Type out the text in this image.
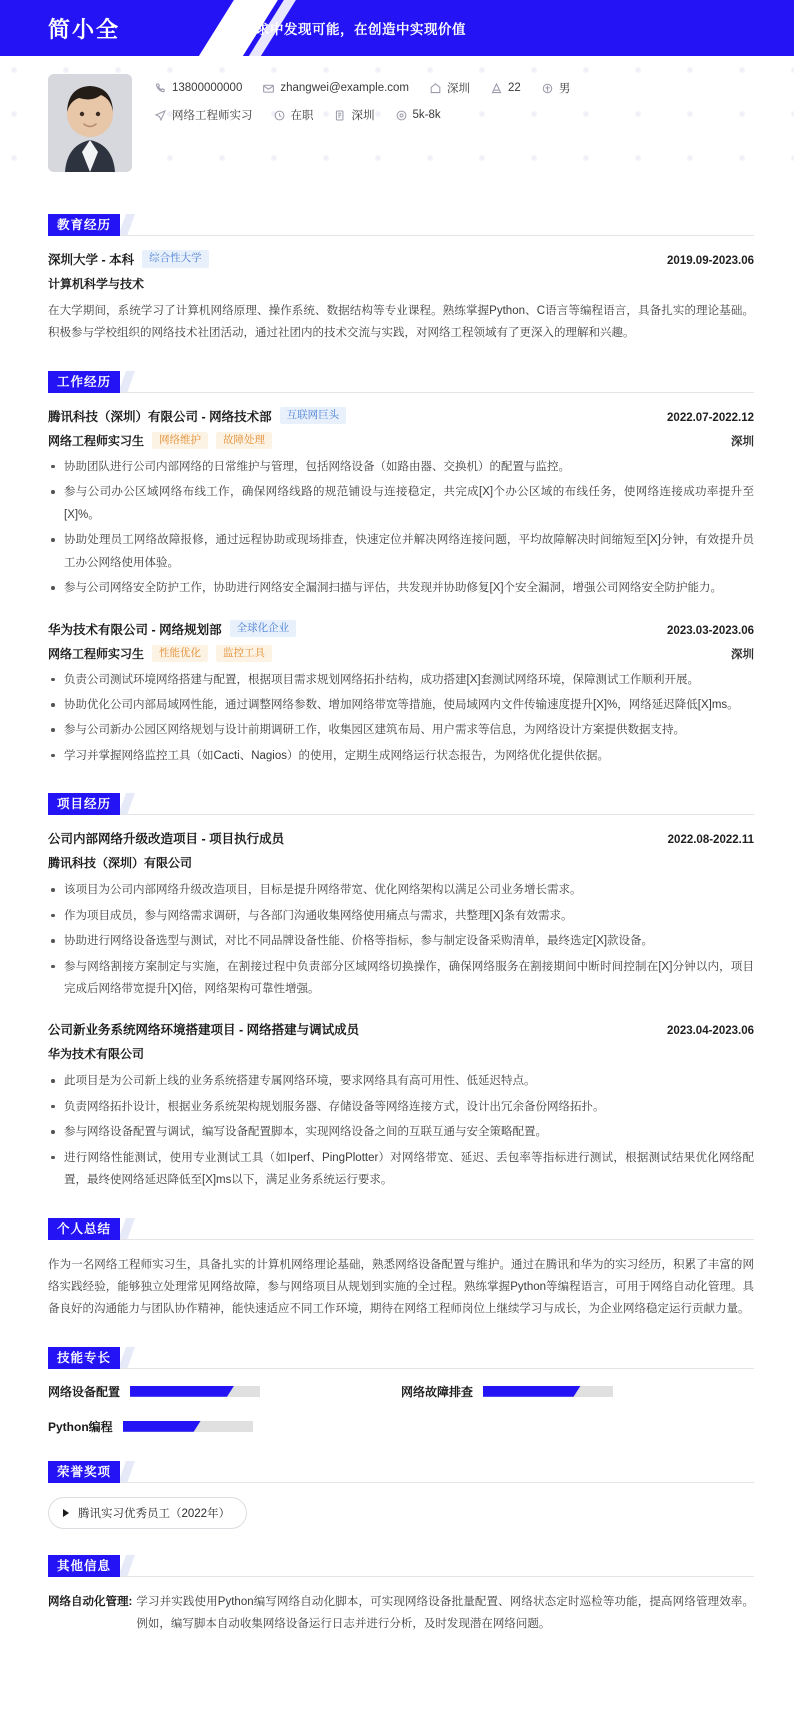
简小全	在追求中发现可能，在创造中实现价值
13800000000	zhangwei@example.com	深圳	22	男
网络工程师实习	在职	深圳	5k-8k
教育经历
深圳大学 - 本科	综合性大学	2019.09-2023.06
计算机科学与技术
在大学期间，系统学习了计算机网络原理、操作系统、数据结构等专业课程。熟练掌握Python、C语言等编程语言，具备扎实的理论基础。积极参与学校组织的网络技术社团活动，通过社团内的技术交流与实践，对网络工程领域有了更深入的理解和兴趣。
工作经历
腾讯科技（深圳）有限公司 - 网络技术部	互联网巨头	2022.07-2022.12
网络工程师实习生	网络维护	故障处理	深圳
协助团队进行公司内部网络的日常维护与管理，包括网络设备（如路由器、交换机）的配置与监控。
参与公司办公区域网络布线工作，确保网络线路的规范铺设与连接稳定，共完成[X]个办公区域的布线任务，使网络连接成功率提升至[X]%。
协助处理员工网络故障报修，通过远程协助或现场排查，快速定位并解决网络连接问题，平均故障解决时间缩短至[X]分钟，有效提升员工办公网络使用体验。
参与公司网络安全防护工作，协助进行网络安全漏洞扫描与评估，共发现并协助修复[X]个安全漏洞，增强公司网络安全防护能力。
华为技术有限公司 - 网络规划部	全球化企业	2023.03-2023.06
网络工程师实习生	性能优化	监控工具	深圳
负责公司测试环境网络搭建与配置，根据项目需求规划网络拓扑结构，成功搭建[X]套测试网络环境，保障测试工作顺利开展。
协助优化公司内部局域网性能，通过调整网络参数、增加网络带宽等措施，使局域网内文件传输速度提升[X]%，网络延迟降低[X]ms。
参与公司新办公园区网络规划与设计前期调研工作，收集园区建筑布局、用户需求等信息，为网络设计方案提供数据支持。
学习并掌握网络监控工具（如Cacti、Nagios）的使用，定期生成网络运行状态报告，为网络优化提供依据。
项目经历
公司内部网络升级改造项目 - 项目执行成员	2022.08-2022.11
腾讯科技（深圳）有限公司
该项目为公司内部网络升级改造项目，目标是提升网络带宽、优化网络架构以满足公司业务增长需求。
作为项目成员，参与网络需求调研，与各部门沟通收集网络使用痛点与需求，共整理[X]条有效需求。
协助进行网络设备选型与测试，对比不同品牌设备性能、价格等指标，参与制定设备采购清单，最终选定[X]款设备。
参与网络割接方案制定与实施，在割接过程中负责部分区域网络切换操作，确保网络服务在割接期间中断时间控制在[X]分钟以内，项目完成后网络带宽提升[X]倍，网络架构可靠性增强。
公司新业务系统网络环境搭建项目 - 网络搭建与调试成员	2023.04-2023.06
华为技术有限公司
此项目是为公司新上线的业务系统搭建专属网络环境，要求网络具有高可用性、低延迟特点。
负责网络拓扑设计，根据业务系统架构规划服务器、存储设备等网络连接方式，设计出冗余备份网络拓扑。
参与网络设备配置与调试，编写设备配置脚本，实现网络设备之间的互联互通与安全策略配置。
进行网络性能测试，使用专业测试工具（如Iperf、PingPlotter）对网络带宽、延迟、丢包率等指标进行测试，根据测试结果优化网络配置，最终使网络延迟降低至[X]ms以下，满足业务系统运行要求。
个人总结
作为一名网络工程师实习生，具备扎实的计算机网络理论基础，熟悉网络设备配置与维护。通过在腾讯和华为的实习经历，积累了丰富的网络实践经验，能够独立处理常见网络故障，参与网络项目从规划到实施的全过程。熟练掌握Python等编程语言，可用于网络自动化管理。具备良好的沟通能力与团队协作精神，能快速适应不同工作环境，期待在网络工程师岗位上继续学习与成长，为企业网络稳定运行贡献力量。
技能专长
网络设备配置	网络故障排查
Python编程
荣誉奖项
腾讯实习优秀员工（2022年）
其他信息
网络自动化管理: 学习并实践使用Python编写网络自动化脚本，可实现网络设备批量配置、网络状态定时巡检等功能，提高网络管理效率。例如，编写脚本自动收集网络设备运行日志并进行分析，及时发现潜在网络问题。
